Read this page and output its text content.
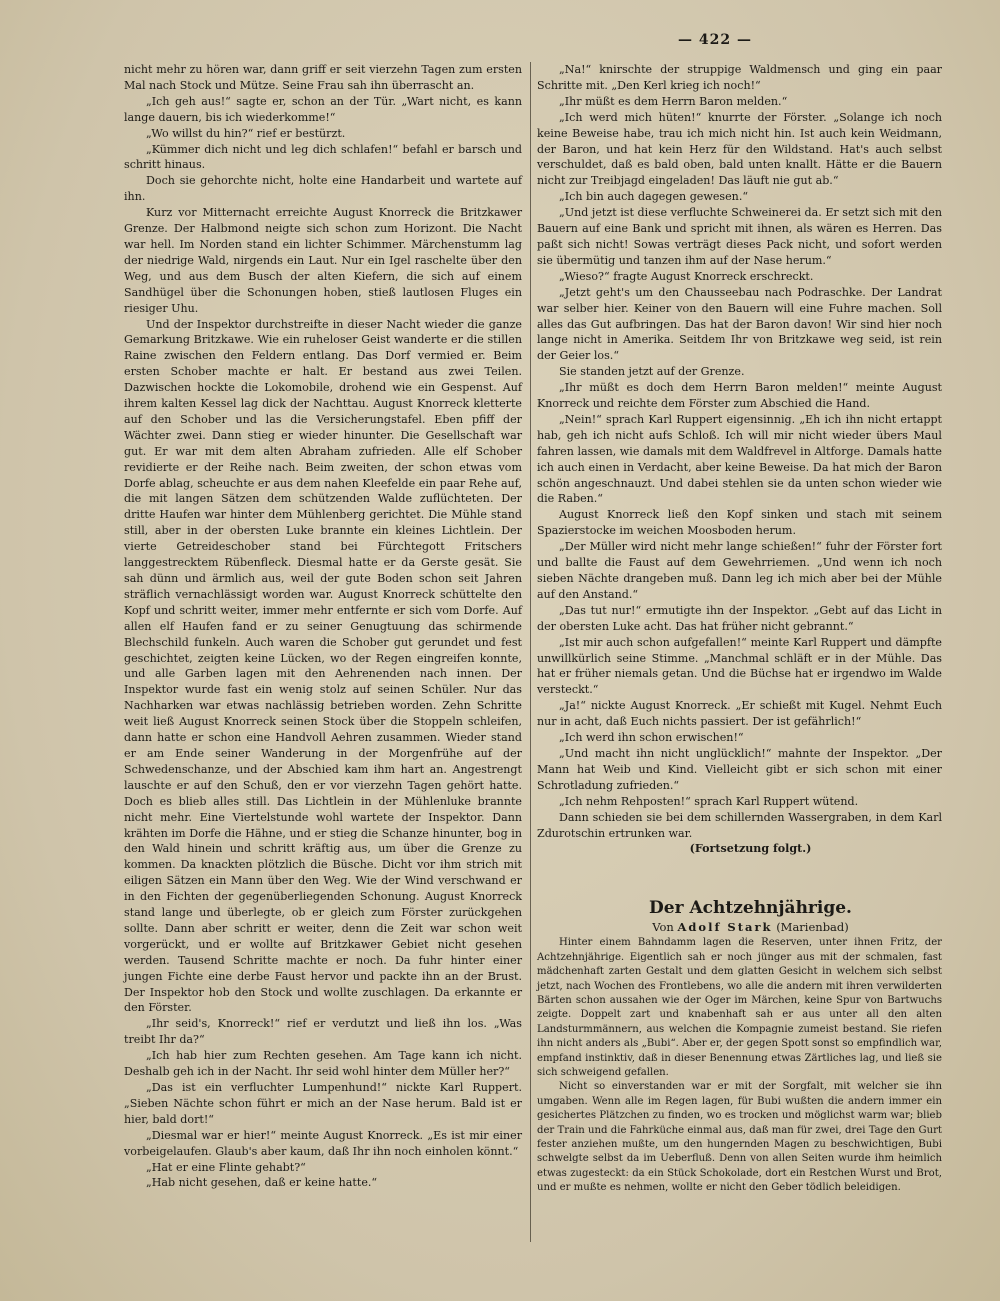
— 422 —

nicht mehr zu hören war, dann griff er seit vierzehn Tagen zum ersten Mal nach Stock und Mütze. Seine Frau sah ihn überrascht an.

„Ich geh aus!“ sagte er, schon an der Tür. „Wart nicht, es kann lange dauern, bis ich wiederkomme!“

„Wo willst du hin?“ rief er bestürzt.

„Kümmer dich nicht und leg dich schlafen!“ befahl er barsch und schritt hinaus.

Doch sie gehorchte nicht, holte eine Handarbeit und wartete auf ihn.

Kurz vor Mitternacht erreichte August Knorreck die Britzkawer Grenze. Der Halbmond neigte sich schon zum Horizont. Die Nacht war hell. Im Norden stand ein lichter Schimmer. Märchenstumm lag der niedrige Wald, nirgends ein Laut. Nur ein Igel raschelte über den Weg, und aus dem Busch der alten Kiefern, die sich auf einem Sandhügel über die Schonungen hoben, stieß lautlosen Fluges ein riesiger Uhu.

Und der Inspektor durchstreifte in dieser Nacht wieder die ganze Gemarkung Britzkawe. Wie ein ruheloser Geist wanderte er die stillen Raine zwischen den Feldern entlang. Das Dorf vermied er. Beim ersten Schober machte er halt. Er bestand aus zwei Teilen. Dazwischen hockte die Lokomobile, drohend wie ein Gespenst. Auf ihrem kalten Kessel lag dick der Nachttau. August Knorreck kletterte auf den Schober und las die Versicherungstafel. Eben pfiff der Wächter zwei. Dann stieg er wieder hinunter. Die Gesellschaft war gut. Er war mit dem alten Abraham zufrieden. Alle elf Schober revidierte er der Reihe nach. Beim zweiten, der schon etwas vom Dorfe ablag, scheuchte er aus dem nahen Kleefelde ein paar Rehe auf, die mit langen Sätzen dem schützenden Walde zuflüchteten. Der dritte Haufen war hinter dem Mühlenberg gerichtet. Die Mühle stand still, aber in der obersten Luke brannte ein kleines Lichtlein. Der vierte Getreideschober stand bei Fürchtegott Fritschers langgestrecktem Rübenfleck. Diesmal hatte er da Gerste gesät. Sie sah dünn und ärmlich aus, weil der gute Boden schon seit Jahren sträflich vernachlässigt worden war. August Knorreck schüttelte den Kopf und schritt weiter, immer mehr entfernte er sich vom Dorfe. Auf allen elf Haufen fand er zu seiner Genugtuung das schirmende Blechschild funkeln. Auch waren die Schober gut gerundet und fest geschichtet, zeigten keine Lücken, wo der Regen eingreifen konnte, und alle Garben lagen mit den Aehrenenden nach innen. Der Inspektor wurde fast ein wenig stolz auf seinen Schüler. Nur das Nachharken war etwas nachlässig betrieben worden. Zehn Schritte weit ließ August Knorreck seinen Stock über die Stoppeln schleifen, dann hatte er schon eine Handvoll Aehren zusammen. Wieder stand er am Ende seiner Wanderung in der Morgenfrühe auf der Schwedenschanze, und der Abschied kam ihm hart an. Angestrengt lauschte er auf den Schuß, den er vor vierzehn Tagen gehört hatte. Doch es blieb alles still. Das Lichtlein in der Mühlenluke brannte nicht mehr. Eine Viertelstunde wohl wartete der Inspektor. Dann krähten im Dorfe die Hähne, und er stieg die Schanze hinunter, bog in den Wald hinein und schritt kräftig aus, um über die Grenze zu kommen. Da knackten plötzlich die Büsche. Dicht vor ihm strich mit eiligen Sätzen ein Mann über den Weg. Wie der Wind verschwand er in den Fichten der gegenüberliegenden Schonung. August Knorreck stand lange und überlegte, ob er gleich zum Förster zurückgehen sollte. Dann aber schritt er weiter, denn die Zeit war schon weit vorgerückt, und er wollte auf Britzkawer Gebiet nicht gesehen werden. Tausend Schritte machte er noch. Da fuhr hinter einer jungen Fichte eine derbe Faust hervor und packte ihn an der Brust. Der Inspektor hob den Stock und wollte zuschlagen. Da erkannte er den Förster.

„Ihr seid's, Knorreck!“ rief er verdutzt und ließ ihn los. „Was treibt Ihr da?“

„Ich hab hier zum Rechten gesehen. Am Tage kann ich nicht. Deshalb geh ich in der Nacht. Ihr seid wohl hinter dem Müller her?“

„Das ist ein verfluchter Lumpenhund!“ nickte Karl Ruppert. „Sieben Nächte schon führt er mich an der Nase herum. Bald ist er hier, bald dort!“

„Diesmal war er hier!“ meinte August Knorreck. „Es ist mir einer vorbeigelaufen. Glaub's aber kaum, daß Ihr ihn noch einholen könnt.“

„Hat er eine Flinte gehabt?“

„Hab nicht gesehen, daß er keine hatte.“

„Na!“ knirschte der struppige Waldmensch und ging ein paar Schritte mit. „Den Kerl krieg ich noch!“

„Ihr müßt es dem Herrn Baron melden.“

„Ich werd mich hüten!“ knurrte der Förster. „Solange ich noch keine Beweise habe, trau ich mich nicht hin. Ist auch kein Weidmann, der Baron, und hat kein Herz für den Wildstand. Hat's auch selbst verschuldet, daß es bald oben, bald unten knallt. Hätte er die Bauern nicht zur Treibjagd eingeladen! Das läuft nie gut ab.“

„Ich bin auch dagegen gewesen.“

„Und jetzt ist diese verfluchte Schweinerei da. Er setzt sich mit den Bauern auf eine Bank und spricht mit ihnen, als wären es Herren. Das paßt sich nicht! Sowas verträgt dieses Pack nicht, und sofort werden sie übermütig und tanzen ihm auf der Nase herum.“

„Wieso?“ fragte August Knorreck erschreckt.

„Jetzt geht's um den Chausseebau nach Podraschke. Der Landrat war selber hier. Keiner von den Bauern will eine Fuhre machen. Soll alles das Gut aufbringen. Das hat der Baron davon! Wir sind hier noch lange nicht in Amerika. Seitdem Ihr von Britzkawe weg seid, ist rein der Geier los.“

Sie standen jetzt auf der Grenze.

„Ihr müßt es doch dem Herrn Baron melden!“ meinte August Knorreck und reichte dem Förster zum Abschied die Hand.

„Nein!“ sprach Karl Ruppert eigensinnig. „Eh ich ihn nicht ertappt hab, geh ich nicht aufs Schloß. Ich will mir nicht wieder übers Maul fahren lassen, wie damals mit dem Waldfrevel in Altforge. Damals hatte ich auch einen in Verdacht, aber keine Beweise. Da hat mich der Baron schön angeschnauzt. Und dabei stehlen sie da unten schon wieder wie die Raben.“

August Knorreck ließ den Kopf sinken und stach mit seinem Spazierstocke im weichen Moosboden herum.

„Der Müller wird nicht mehr lange schießen!“ fuhr der Förster fort und ballte die Faust auf dem Gewehrriemen. „Und wenn ich noch sieben Nächte drangeben muß. Dann leg ich mich aber bei der Mühle auf den Anstand.“

„Das tut nur!“ ermutigte ihn der Inspektor. „Gebt auf das Licht in der obersten Luke acht. Das hat früher nicht gebrannt.“

„Ist mir auch schon aufgefallen!“ meinte Karl Ruppert und dämpfte unwillkürlich seine Stimme. „Manchmal schläft er in der Mühle. Das hat er früher niemals getan. Und die Büchse hat er irgendwo im Walde versteckt.“

„Ja!“ nickte August Knorreck. „Er schießt mit Kugel. Nehmt Euch nur in acht, daß Euch nichts passiert. Der ist gefährlich!“

„Ich werd ihn schon erwischen!“

„Und macht ihn nicht unglücklich!“ mahnte der Inspektor. „Der Mann hat Weib und Kind. Vielleicht gibt er sich schon mit einer Schrotladung zufrieden.“

„Ich nehm Rehposten!“ sprach Karl Ruppert wütend.

Dann schieden sie bei dem schillernden Wassergraben, in dem Karl Zdurotschin ertrunken war.

(Fortsetzung folgt.)

Der Achtzehnjährige.

Von Adolf Stark (Marienbad)

Hinter einem Bahndamm lagen die Reserven, unter ihnen Fritz, der Achtzehnjährige. Eigentlich sah er noch jünger aus mit der schmalen, fast mädchenhaft zarten Gestalt und dem glatten Gesicht in welchem sich selbst jetzt, nach Wochen des Frontlebens, wo alle die andern mit ihren verwilderten Bärten schon aussahen wie der Oger im Märchen, keine Spur von Bartwuchs zeigte. Doppelt zart und knabenhaft sah er aus unter all den alten Landsturmmännern, aus welchen die Kompagnie zumeist bestand. Sie riefen ihn nicht anders als „Bubi“. Aber er, der gegen Spott sonst so empfindlich war, empfand instinktiv, daß in dieser Benennung etwas Zärtliches lag, und ließ sie sich schweigend gefallen.

Nicht so einverstanden war er mit der Sorgfalt, mit welcher sie ihn umgaben. Wenn alle im Regen lagen, für Bubi wußten die andern immer ein gesichertes Plätzchen zu finden, wo es trocken und möglichst warm war; blieb der Train und die Fahrküche einmal aus, daß man für zwei, drei Tage den Gurt fester anziehen mußte, um den hungernden Magen zu beschwichtigen, Bubi schwelgte selbst da im Ueberfluß. Denn von allen Seiten wurde ihm heimlich etwas zugesteckt: da ein Stück Schokolade, dort ein Restchen Wurst und Brot, und er mußte es nehmen, wollte er nicht den Geber tödlich beleidigen.
